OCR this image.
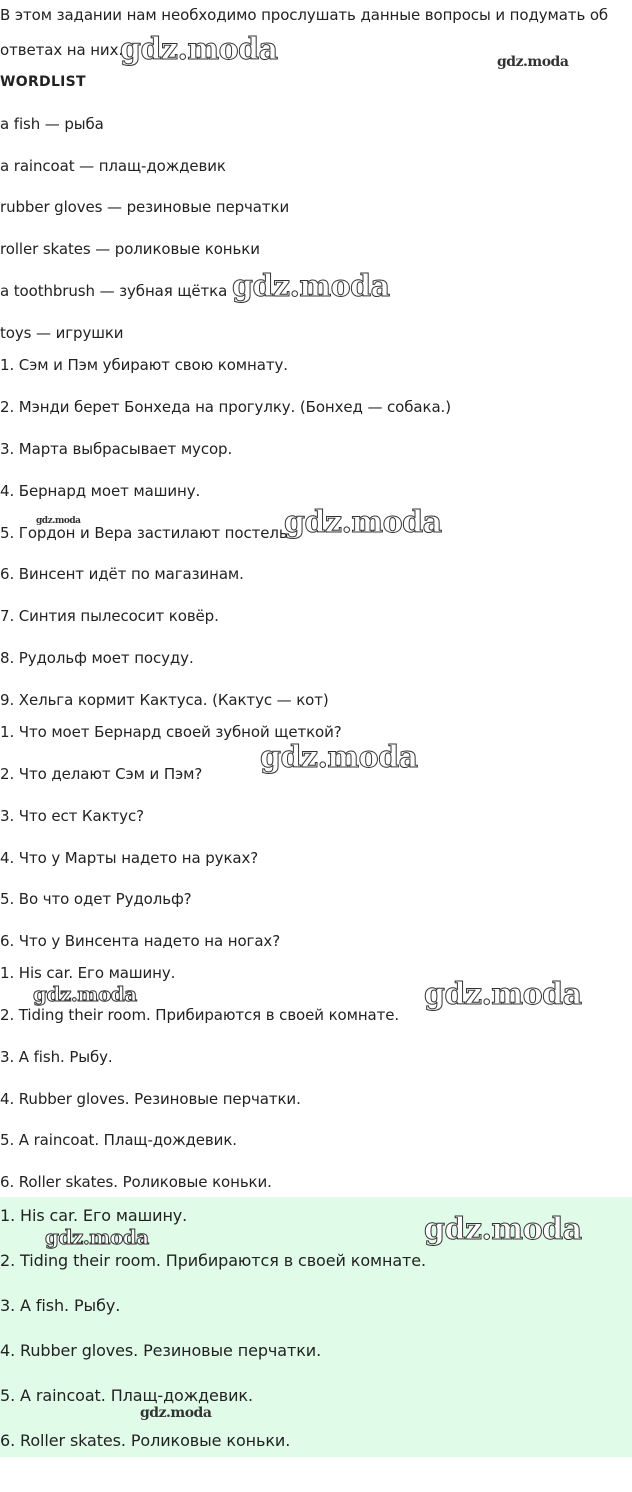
В этом задании нам необходимо прослушать данные вопросы и подумать об
ответах на них.
WORDLIST
a fish — рыба
a raincoat — плащ-дождевик
rubber gloves — резиновые перчатки
roller skates — роликовые коньки
a toothbrush — зубная щётка
toys — игрушки
1. Сэм и Пэм убирают свою комнату.
2. Мэнди берет Бонхеда на прогулку. (Бонхед — собака.)
3. Марта выбрасывает мусор.
4. Бернард моет машину.
5. Гордон и Вера застилают постель.
6. Винсент идёт по магазинам.
7. Синтия пылесосит ковёр.
8. Рудольф моет посуду.
9. Хельга кормит Кактуса. (Кактус — кот)
1. Что моет Бернард своей зубной щеткой?
2. Что делают Сэм и Пэм?
3. Что ест Кактус?
4. Что у Марты надето на руках?
5. Во что одет Рудольф?
6. Что у Винсента надето на ногах?
1. His car. Его машину.
2. Tiding their room. Прибираются в своей комнате.
3. A fish. Рыбу.
4. Rubber gloves. Резиновые перчатки.
5. A raincoat. Плащ-дождевик.
6. Roller skates. Роликовые коньки.
1. His car. Его машину.
2. Tiding their room. Прибираются в своей комнате.
3. A fish. Рыбу.
4. Rubber gloves. Резиновые перчатки.
5. A raincoat. Плащ-дождевик.
6. Roller skates. Роликовые коньки.
gdz.moda	gdz.moda
gdz.moda
gdz.moda	gdz.moda
gdz.moda
gdz.moda	gdz.moda
gdz.moda	gdz.moda
gdz.moda
